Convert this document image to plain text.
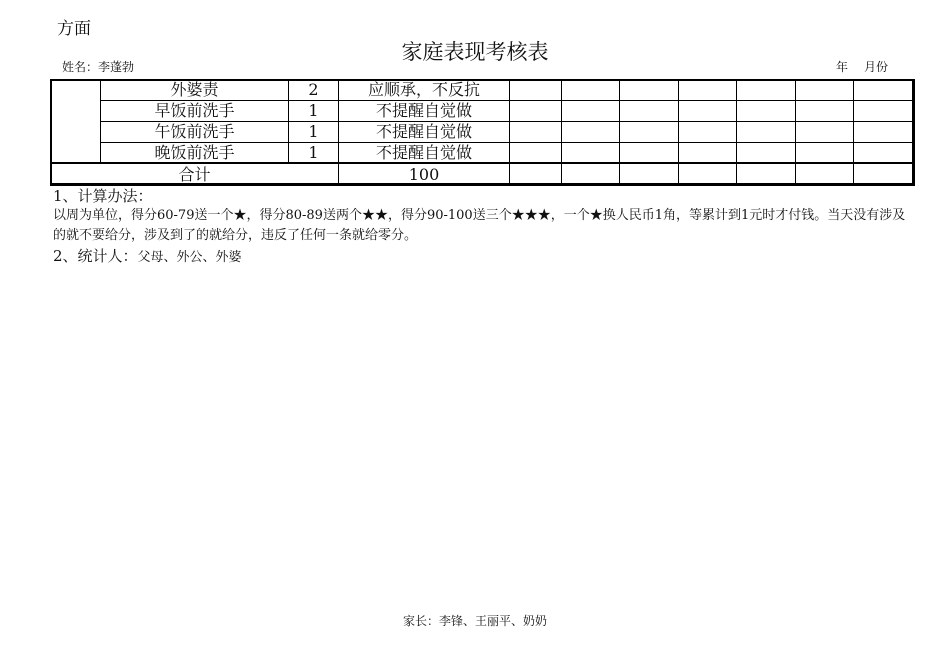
方面
家庭表现考核表
姓名：李蓬勃	年 月份
外婆责	2	应顺承，不反抗
早饭前洗手	1	不提醒自觉做
午饭前洗手	1	不提醒自觉做
晚饭前洗手	1	不提醒自觉做
合计	100
1、计算办法：
以周为单位，得分60-79送一个★，得分80-89送两个★★，得分90-100送三个★★★，一个★换人民币1角，等累计到1元时才付钱。当天没有涉及的就不要给分，涉及到了的就给分，违反了任何一条就给零分。
2、统计人：父母、外公、外婆
家长：李锋、王丽平、奶奶
